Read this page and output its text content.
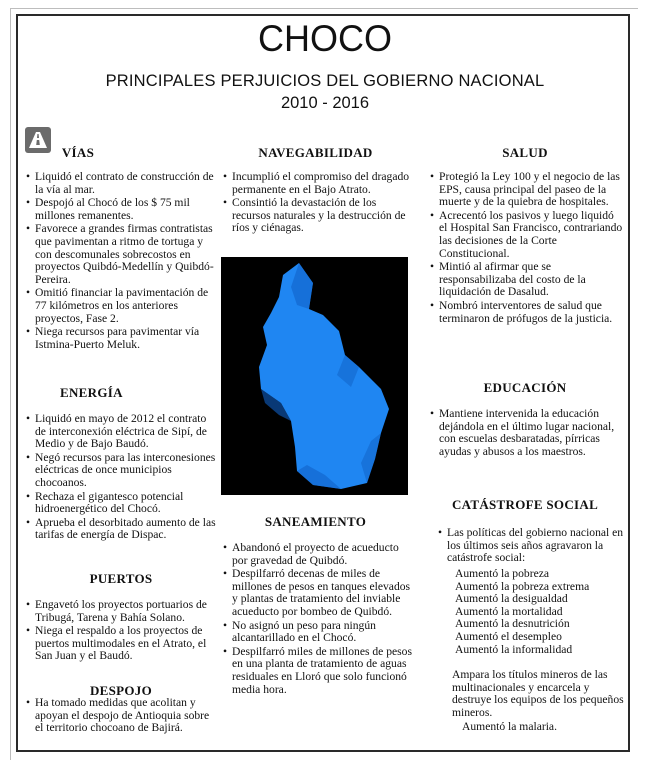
CHOCO
PRINCIPALES PERJUICIOS DEL GOBIERNO NACIONAL
2010 - 2016
VÍAS
• Liquidó el contrato de construcción de la vía al mar.
• Despojó al Chocó de los $ 75 mil millones remanentes.
• Favorece a grandes firmas contratistas que pavimentan a ritmo de tortuga y con descomunales sobrecostos en proyectos Quibdó-Medellín y Quibdó-Pereira.
• Omitió financiar la pavimentación de 77 kilómetros en los anteriores proyectos, Fase 2.
• Niega recursos para pavimentar vía Istmina-Puerto Meluk.
ENERGÍA
• Liquidó en mayo de 2012 el contrato de interconexión eléctrica de Sipí, de Medio y de Bajo Baudó.
• Negó recursos para las interconesiones eléctricas de once municipios chocoanos.
• Rechaza el gigantesco potencial hidroenergético del Chocó.
• Aprueba el desorbitado aumento de las tarifas de energía de Dispac.
PUERTOS
• Engavetó los proyectos portuarios de Tribugá, Tarena y Bahía Solano.
• Niega el respaldo a los proyectos de puertos multimodales en el Atrato, el San Juan y el Baudó.
DESPOJO
• Ha tomado medidas que acolitan y apoyan el despojo de Antioquia sobre el territorio chocoano de Bajirá.
NAVEGABILIDAD
• Incumplió el compromiso del dragado permanente en el Bajo Atrato.
• Consintió la devastación de los recursos naturales y la destrucción de ríos y ciénagas.
SANEAMIENTO
• Abandonó el proyecto de acueducto por gravedad de Quibdó.
• Despilfarró decenas de miles de millones de pesos en tanques elevados y plantas de tratamiento del inviable acueducto por bombeo de Quibdó.
• No asignó un peso para ningún alcantarillado en el Chocó.
• Despilfarró miles de millones de pesos en una planta de tratamiento de aguas residuales en Lloró que solo funcionó media hora.
SALUD
• Protegió la Ley 100 y el negocio de las EPS, causa principal del paseo de la muerte y de la quiebra de hospitales.
• Acrecentó los pasivos y luego liquidó el Hospital San Francisco, contrariando las decisiones de la Corte Constitucional.
• Mintió al afirmar que se responsabilizaba del costo de la liquidación de Dasalud.
• Nombró interventores de salud que terminaron de prófugos de la justicia.
EDUCACIÓN
• Mantiene intervenida la educación dejándola en el último lugar nacional, con escuelas desbaratadas, pírricas ayudas y abusos a los maestros.
CATÁSTROFE SOCIAL
• Las políticas del gobierno nacional en los últimos seis años agravaron la catástrofe social:
Aumentó la pobreza
Aumentó la pobreza extrema
Aumentó la desigualdad
Aumentó la mortalidad
Aumentó la desnutrición
Aumentó el desempleo
Aumentó la informalidad
Ampara los títulos mineros de las multinacionales y encarcela y destruye los equipos de los pequeños mineros.
Aumentó la malaria.
